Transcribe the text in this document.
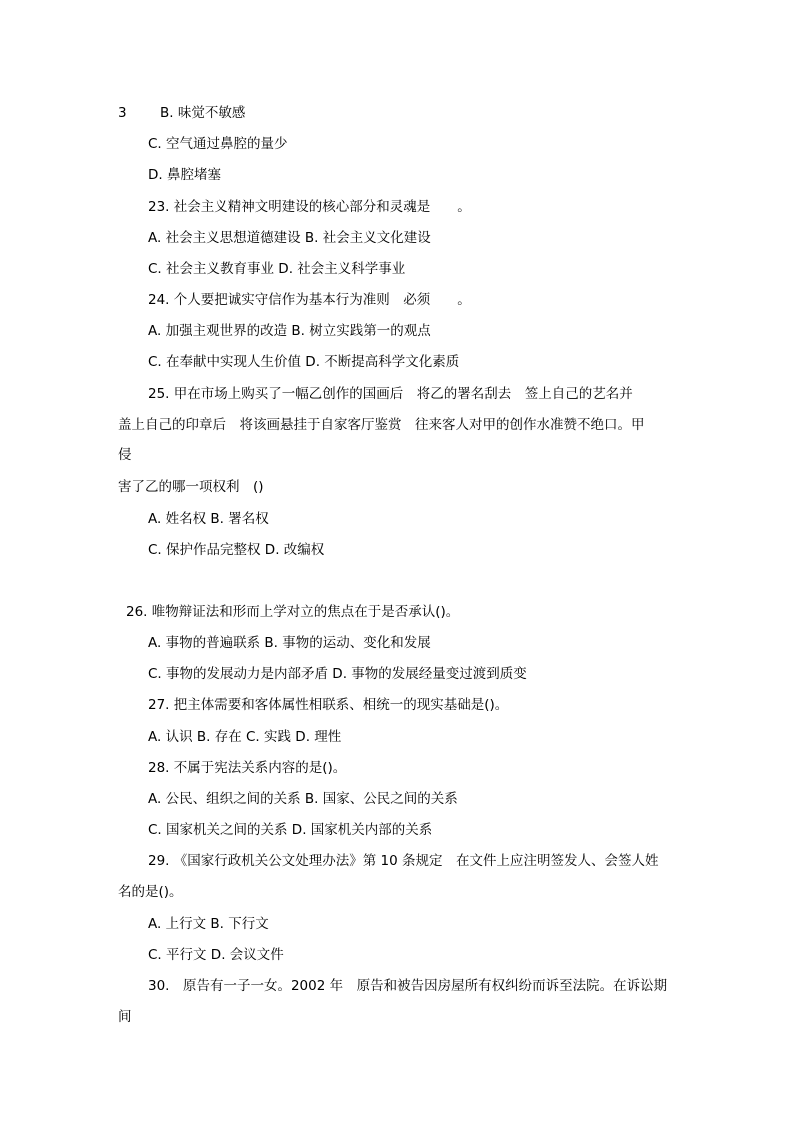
3 B. 味觉不敏感
C. 空气通过鼻腔的量少
D. 鼻腔堵塞
23. 社会主义精神文明建设的核心部分和灵魂是　　。
A. 社会主义思想道德建设 B. 社会主义文化建设
C. 社会主义教育事业 D. 社会主义科学事业
24. 个人要把诚实守信作为基本行为准则　必须　　。
A. 加强主观世界的改造 B. 树立实践第一的观点
C. 在奉献中实现人生价值 D. 不断提高科学文化素质
25. 甲在市场上购买了一幅乙创作的国画后　将乙的署名刮去　签上自己的艺名并
盖上自己的印章后　将该画悬挂于自家客厅鉴赏　往来客人对甲的创作水准赞不绝口。甲
侵
害了乙的哪一项权利　()
A. 姓名权 B. 署名权
C. 保护作品完整权 D. 改编权
26. 唯物辩证法和形而上学对立的焦点在于是否承认()。
A. 事物的普遍联系 B. 事物的运动、变化和发展
C. 事物的发展动力是内部矛盾 D. 事物的发展经量变过渡到质变
27. 把主体需要和客体属性相联系、相统一的现实基础是()。
A. 认识 B. 存在 C. 实践 D. 理性
28. 不属于宪法关系内容的是()。
A. 公民、组织之间的关系 B. 国家、公民之间的关系
C. 国家机关之间的关系 D. 国家机关内部的关系
29. 《国家行政机关公文处理办法》第 10 条规定　在文件上应注明签发人、会签人姓
名的是()。
A. 上行文 B. 下行文
C. 平行文 D. 会议文件
30.　原告有一子一女。2002 年　原告和被告因房屋所有权纠纷而诉至法院。在诉讼期
间
